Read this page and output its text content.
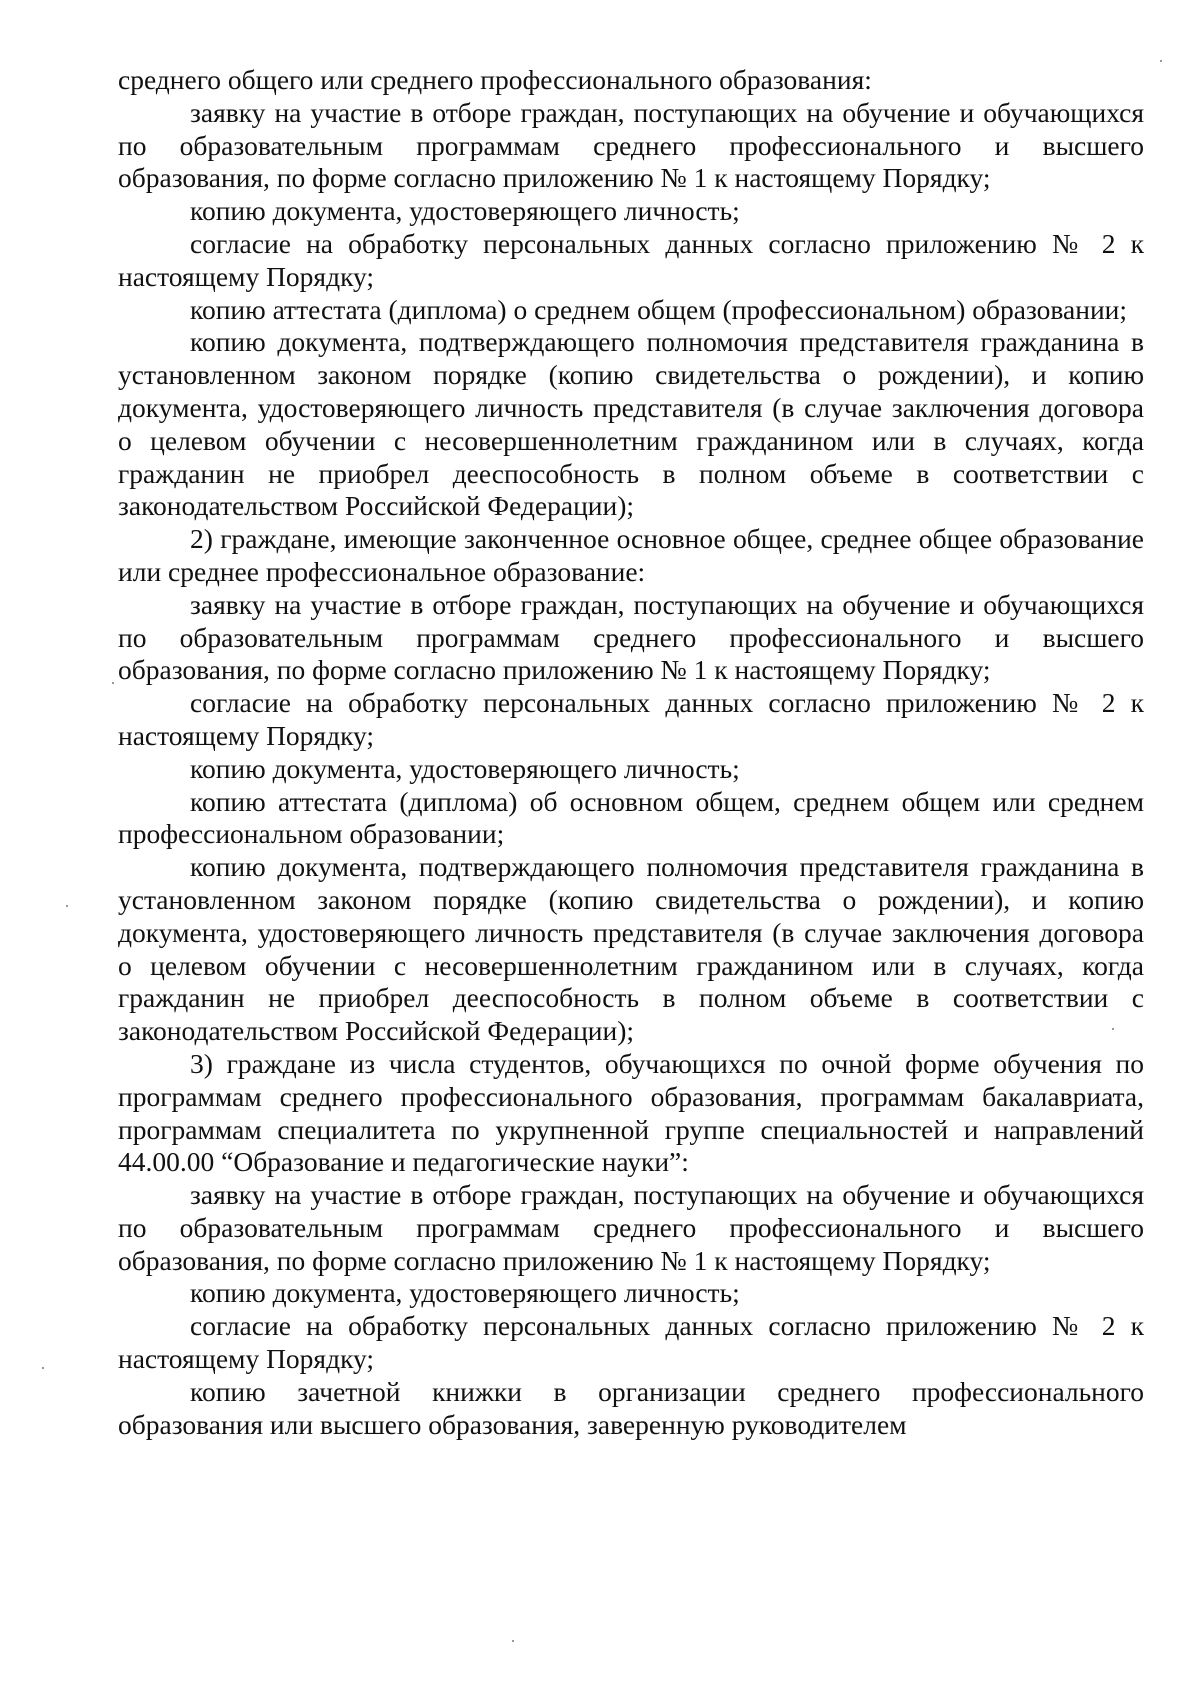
среднего общего или среднего профессионального образования:

заявку на участие в отборе граждан, поступающих на обучение и обучающихся по образовательным программам среднего профессионального и высшего образования, по форме согласно приложению № 1 к настоящему Порядку;

копию документа, удостоверяющего личность;

согласие на обработку персональных данных согласно приложению № 2 к настоящему Порядку;

копию аттестата (диплома) о среднем общем (профессиональном) образовании;

копию документа, подтверждающего полномочия представителя гражданина в установленном законом порядке (копию свидетельства о рождении), и копию документа, удостоверяющего личность представителя (в случае заключения договора о целевом обучении с несовершеннолетним гражданином или в случаях, когда гражданин не приобрел дееспособность в полном объеме в соответствии с законодательством Российской Федерации);

2) граждане, имеющие законченное основное общее, среднее общее образование или среднее профессиональное образование:

заявку на участие в отборе граждан, поступающих на обучение и обучающихся по образовательным программам среднего профессионального и высшего образования, по форме согласно приложению № 1 к настоящему Порядку;

согласие на обработку персональных данных согласно приложению № 2 к настоящему Порядку;

копию документа, удостоверяющего личность;

копию аттестата (диплома) об основном общем, среднем общем или среднем профессиональном образовании;

копию документа, подтверждающего полномочия представителя гражданина в установленном законом порядке (копию свидетельства о рождении), и копию документа, удостоверяющего личность представителя (в случае заключения договора о целевом обучении с несовершеннолетним гражданином или в случаях, когда гражданин не приобрел дееспособность в полном объеме в соответствии с законодательством Российской Федерации);

3) граждане из числа студентов, обучающихся по очной форме обучения по программам среднего профессионального образования, программам бакалавриата, программам специалитета по укрупненной группе специальностей и направлений 44.00.00 “Образование и педагогические науки”:

заявку на участие в отборе граждан, поступающих на обучение и обучающихся по образовательным программам среднего профессионального и высшего образования, по форме согласно приложению № 1 к настоящему Порядку;

копию документа, удостоверяющего личность;

согласие на обработку персональных данных согласно приложению № 2 к настоящему Порядку;

копию зачетной книжки в организации среднего профессионального образования или высшего образования, заверенную руководителем
